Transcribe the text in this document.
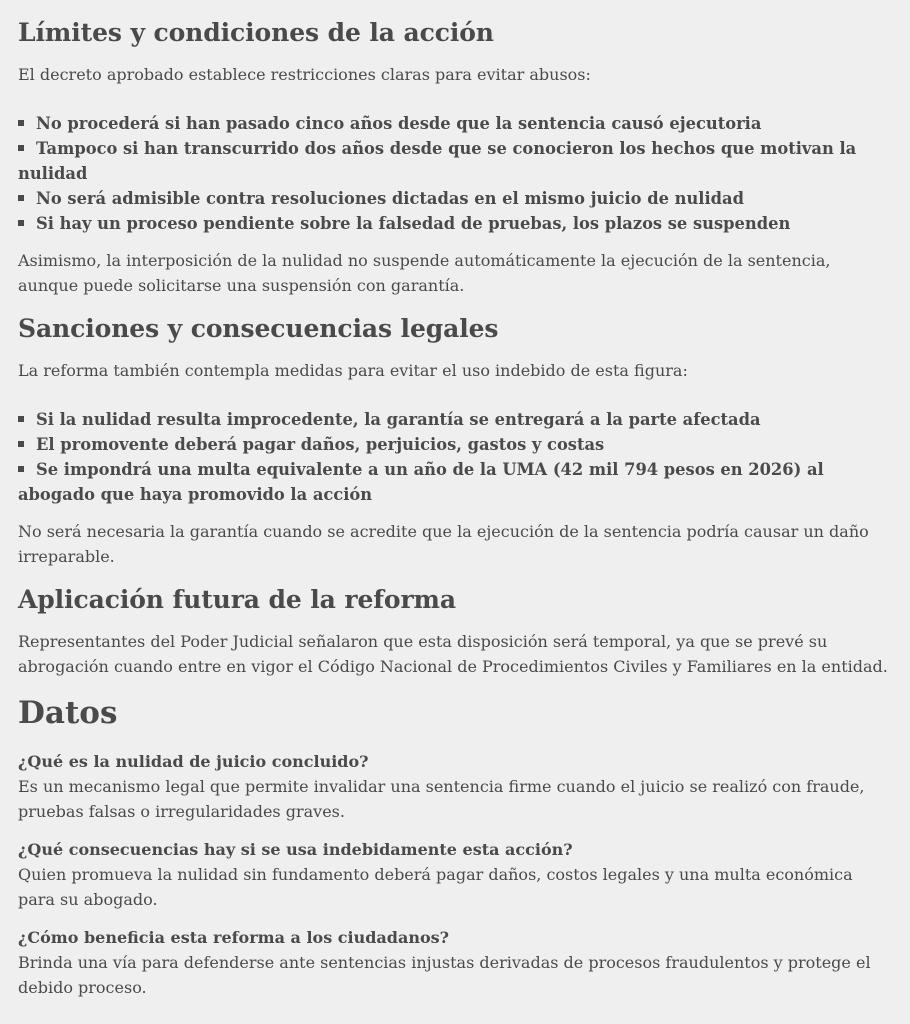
Límites y condiciones de la acción

El decreto aprobado establece restricciones claras para evitar abusos:

No procederá si han pasado cinco años desde que la sentencia causó ejecutoria
Tampoco si han transcurrido dos años desde que se conocieron los hechos que motivan la nulidad
No será admisible contra resoluciones dictadas en el mismo juicio de nulidad
Si hay un proceso pendiente sobre la falsedad de pruebas, los plazos se suspenden

Asimismo, la interposición de la nulidad no suspende automáticamente la ejecución de la sentencia, aunque puede solicitarse una suspensión con garantía.

Sanciones y consecuencias legales

La reforma también contempla medidas para evitar el uso indebido de esta figura:

Si la nulidad resulta improcedente, la garantía se entregará a la parte afectada
El promovente deberá pagar daños, perjuicios, gastos y costas
Se impondrá una multa equivalente a un año de la UMA (42 mil 794 pesos en 2026) al abogado que haya promovido la acción

No será necesaria la garantía cuando se acredite que la ejecución de la sentencia podría causar un daño irreparable.

Aplicación futura de la reforma

Representantes del Poder Judicial señalaron que esta disposición será temporal, ya que se prevé su abrogación cuando entre en vigor el Código Nacional de Procedimientos Civiles y Familiares en la entidad.

Datos
¿Qué es la nulidad de juicio concluido?
Es un mecanismo legal que permite invalidar una sentencia firme cuando el juicio se realizó con fraude, pruebas falsas o irregularidades graves.
¿Qué consecuencias hay si se usa indebidamente esta acción?
Quien promueva la nulidad sin fundamento deberá pagar daños, costos legales y una multa económica para su abogado.
¿Cómo beneficia esta reforma a los ciudadanos?
Brinda una vía para defenderse ante sentencias injustas derivadas de procesos fraudulentos y protege el debido proceso.
